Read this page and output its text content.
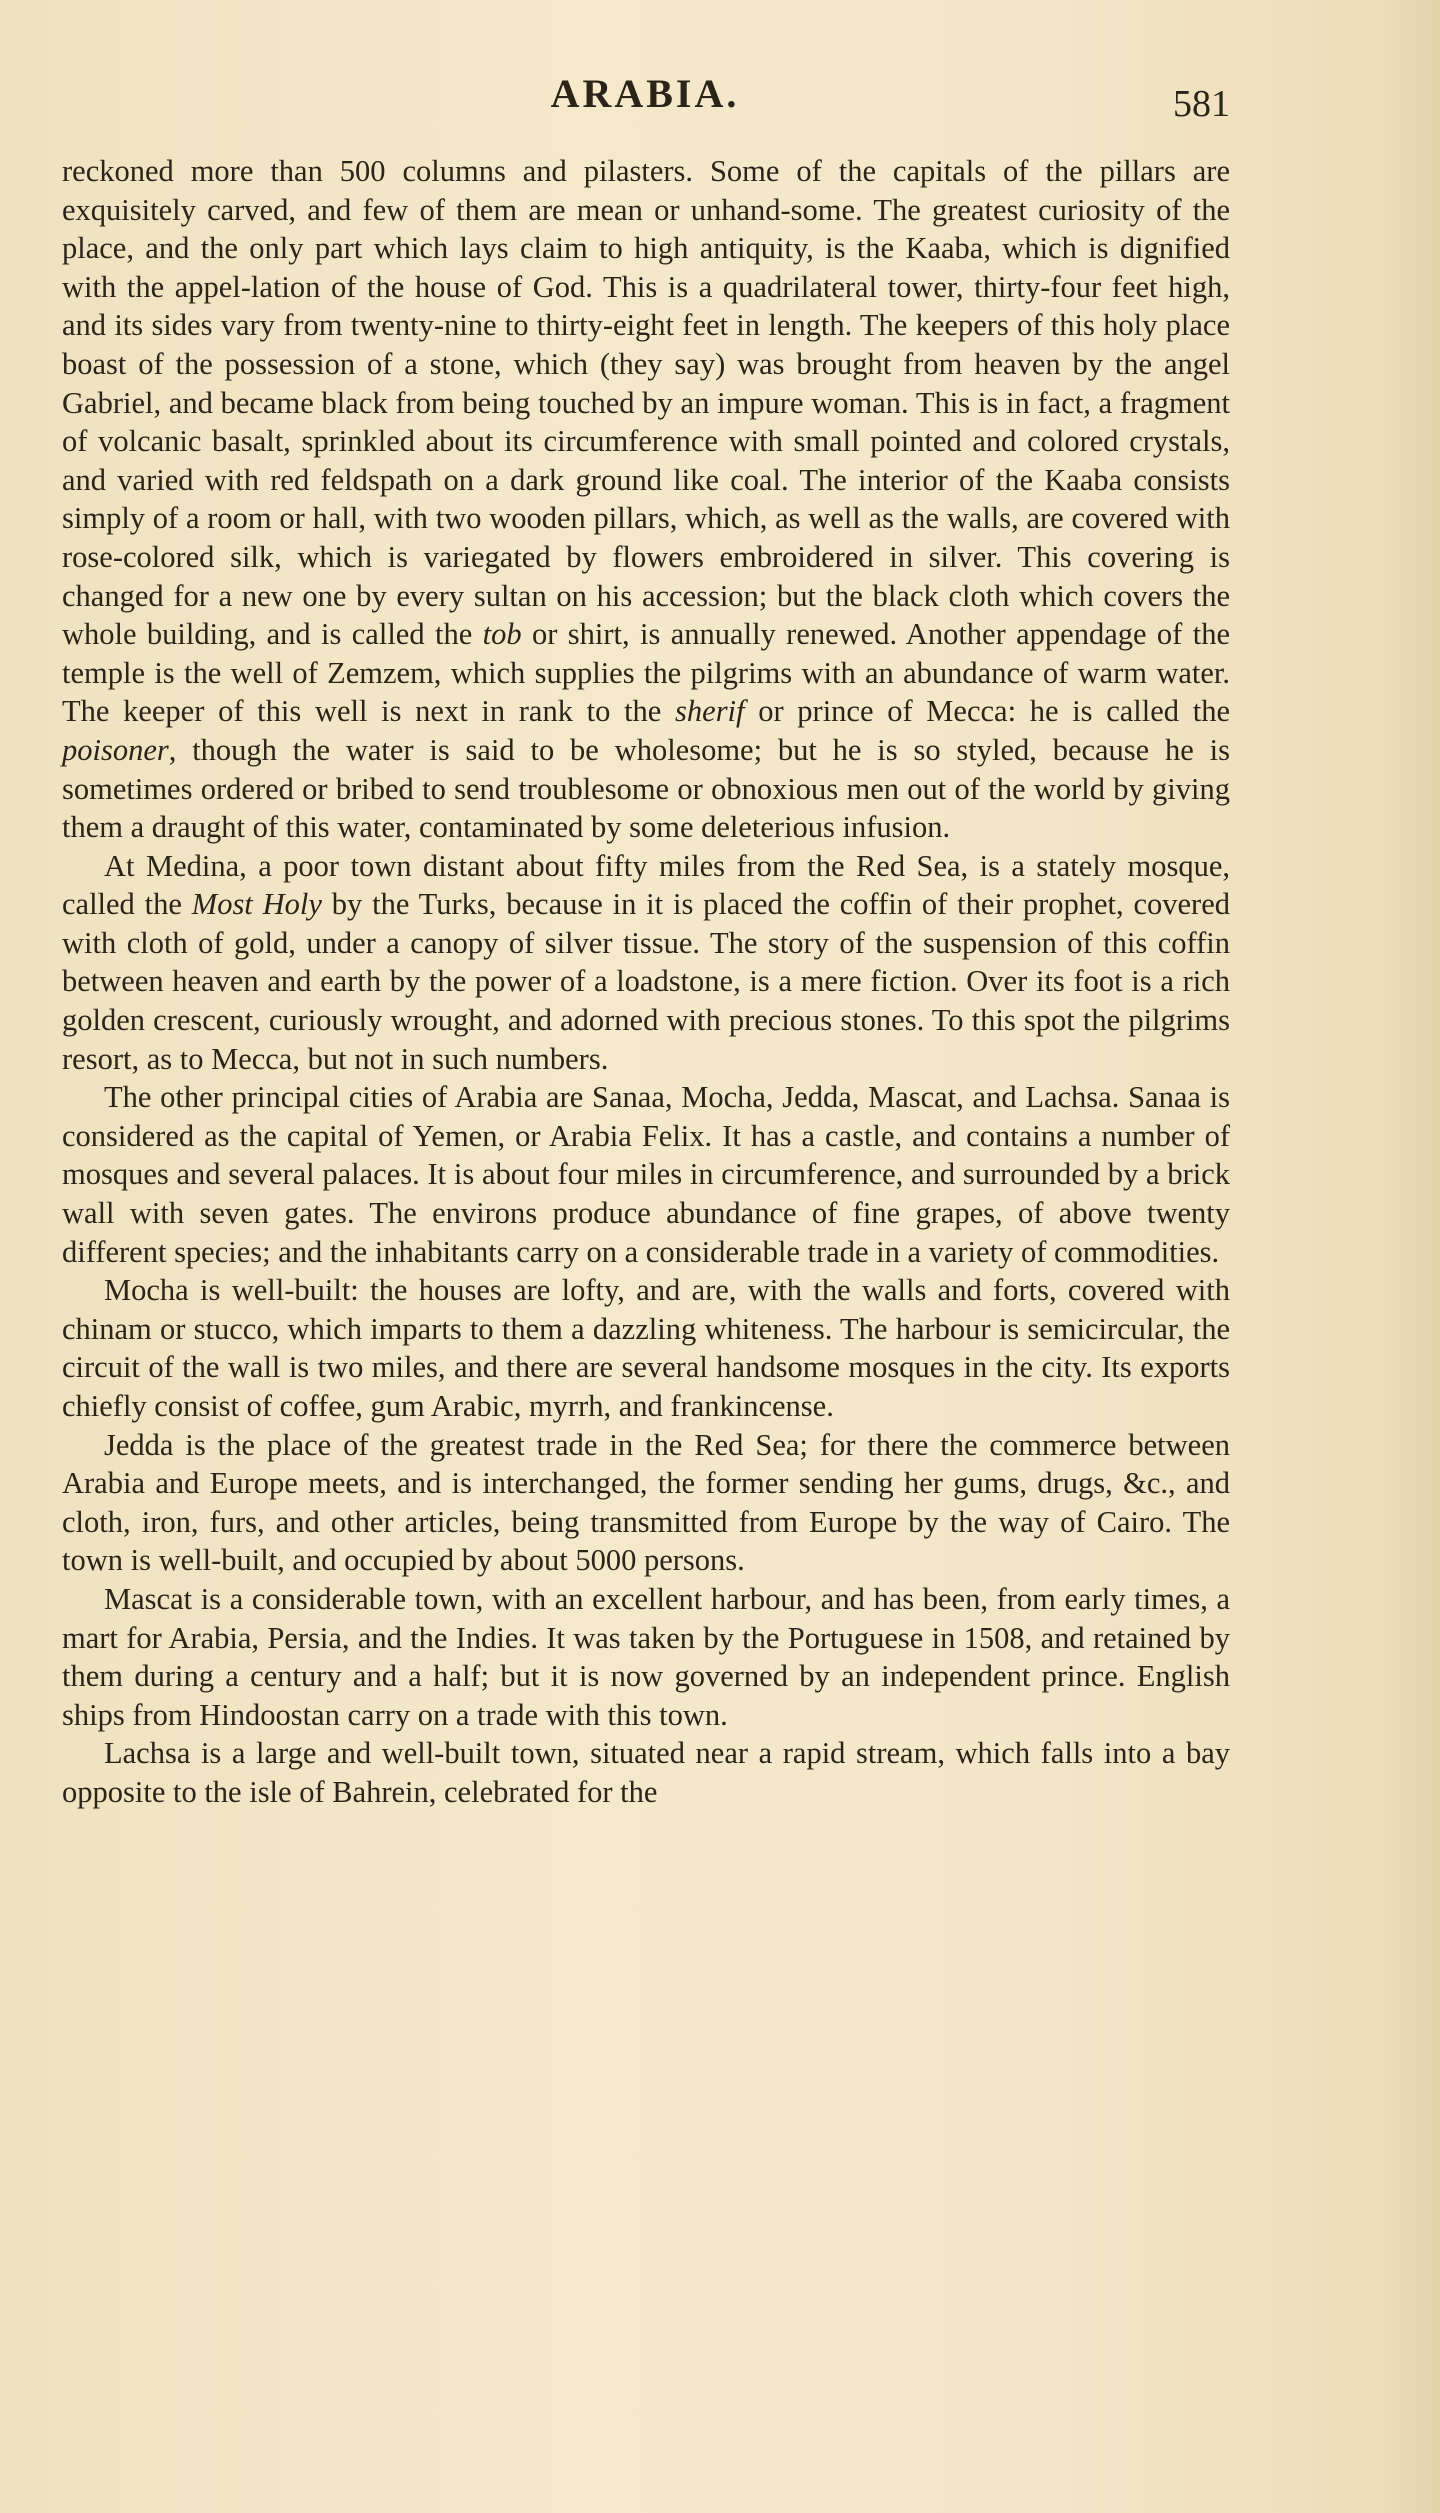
ARABIA.	581

reckoned more than 500 columns and pilasters. Some of the capitals of the pillars are exquisitely carved, and few of them are mean or unhand-some. The greatest curiosity of the place, and the only part which lays claim to high antiquity, is the Kaaba, which is dignified with the appel-lation of the house of God. This is a quadrilateral tower, thirty-four feet high, and its sides vary from twenty-nine to thirty-eight feet in length. The keepers of this holy place boast of the possession of a stone, which (they say) was brought from heaven by the angel Gabriel, and became black from being touched by an impure woman. This is in fact, a fragment of volcanic basalt, sprinkled about its circumference with small pointed and colored crystals, and varied with red feldspath on a dark ground like coal. The interior of the Kaaba consists simply of a room or hall, with two wooden pillars, which, as well as the walls, are covered with rose-colored silk, which is variegated by flowers embroidered in silver. This covering is changed for a new one by every sultan on his accession; but the black cloth which covers the whole building, and is called the tob or shirt, is annually renewed. Another appendage of the temple is the well of Zemzem, which supplies the pilgrims with an abundance of warm water. The keeper of this well is next in rank to the sherif or prince of Mecca: he is called the poisoner, though the water is said to be wholesome; but he is so styled, because he is sometimes ordered or bribed to send troublesome or obnoxious men out of the world by giving them a draught of this water, contaminated by some deleterious infusion.

At Medina, a poor town distant about fifty miles from the Red Sea, is a stately mosque, called the Most Holy by the Turks, because in it is placed the coffin of their prophet, covered with cloth of gold, under a canopy of silver tissue. The story of the suspension of this coffin between heaven and earth by the power of a loadstone, is a mere fiction. Over its foot is a rich golden crescent, curiously wrought, and adorned with precious stones. To this spot the pilgrims resort, as to Mecca, but not in such numbers.

The other principal cities of Arabia are Sanaa, Mocha, Jedda, Mascat, and Lachsa. Sanaa is considered as the capital of Yemen, or Arabia Felix. It has a castle, and contains a number of mosques and several palaces. It is about four miles in circumference, and surrounded by a brick wall with seven gates. The environs produce abundance of fine grapes, of above twenty different species; and the inhabitants carry on a considerable trade in a variety of commodities.

Mocha is well-built: the houses are lofty, and are, with the walls and forts, covered with chinam or stucco, which imparts to them a dazzling whiteness. The harbour is semicircular, the circuit of the wall is two miles, and there are several handsome mosques in the city. Its exports chiefly consist of coffee, gum Arabic, myrrh, and frankincense.

Jedda is the place of the greatest trade in the Red Sea; for there the commerce between Arabia and Europe meets, and is interchanged, the former sending her gums, drugs, &c., and cloth, iron, furs, and other articles, being transmitted from Europe by the way of Cairo. The town is well-built, and occupied by about 5000 persons.

Mascat is a considerable town, with an excellent harbour, and has been, from early times, a mart for Arabia, Persia, and the Indies. It was taken by the Portuguese in 1508, and retained by them during a century and a half; but it is now governed by an independent prince. English ships from Hindoostan carry on a trade with this town.

Lachsa is a large and well-built town, situated near a rapid stream, which falls into a bay opposite to the isle of Bahrein, celebrated for the
